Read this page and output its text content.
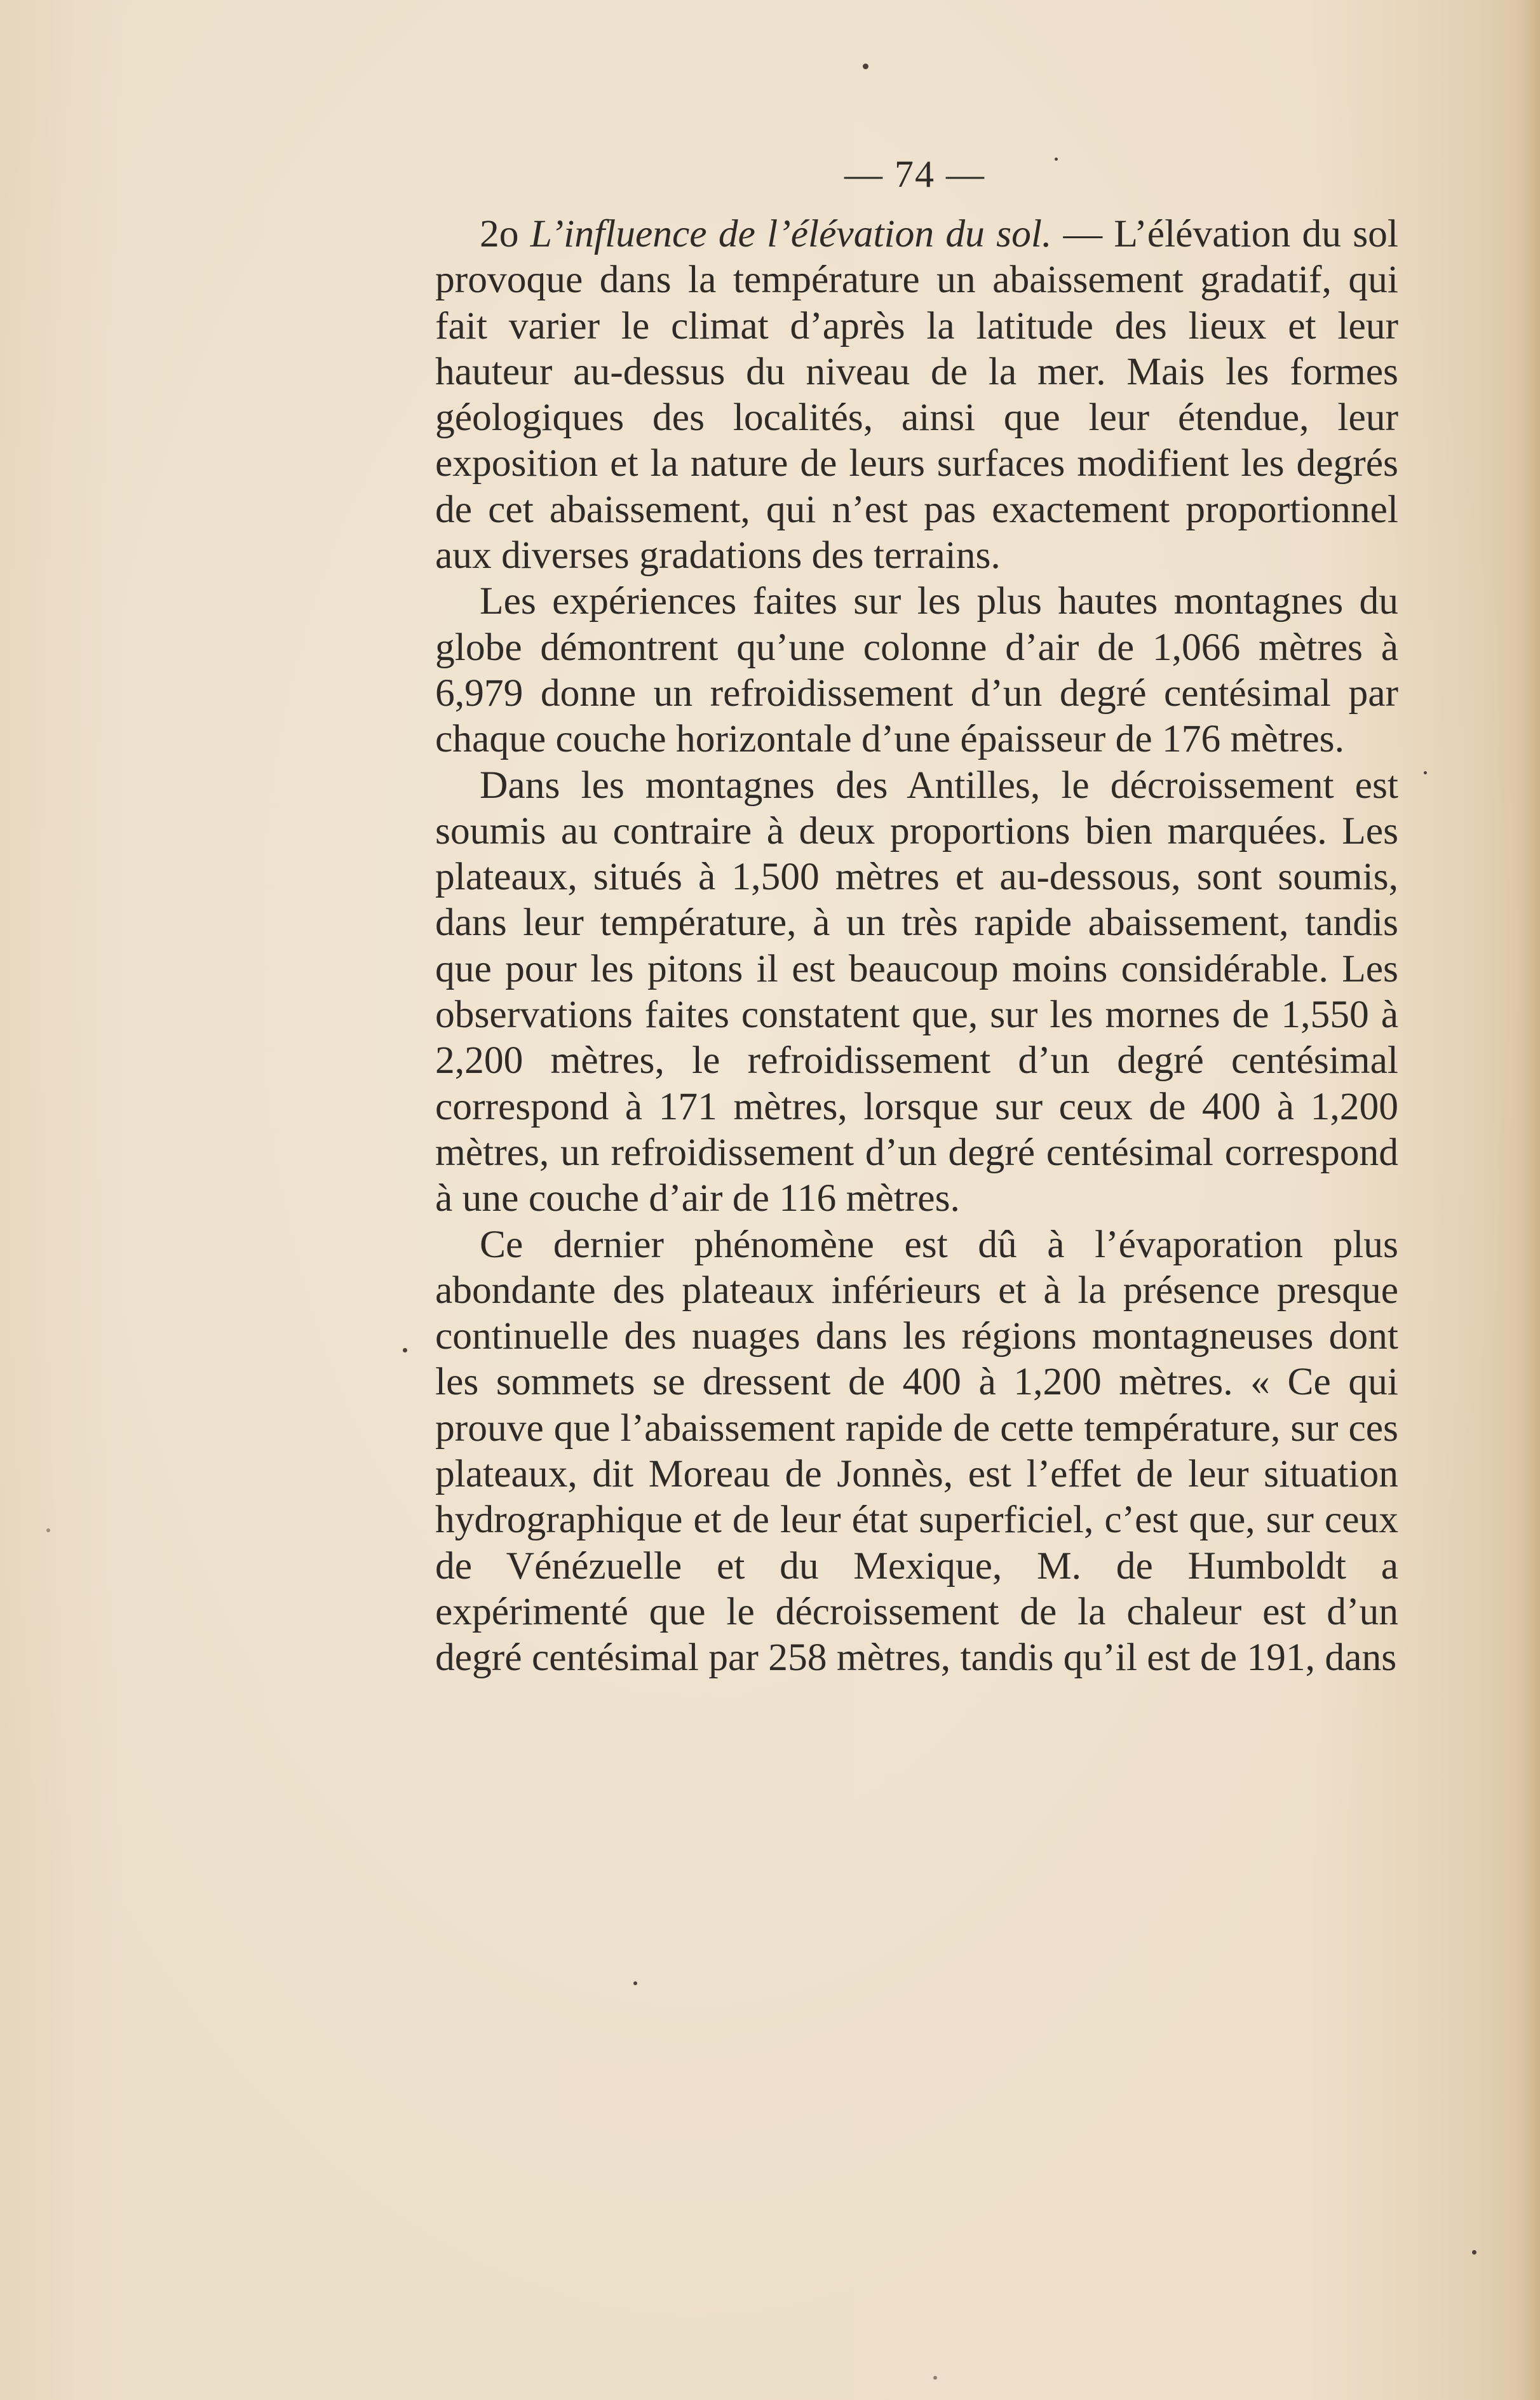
— 74 —

2o L’influence de l’élévation du sol. — L’élévation du sol provoque dans la température un abaissement gradatif, qui fait varier le climat d’après la latitude des lieux et leur hauteur au-dessus du niveau de la mer. Mais les formes géologiques des localités, ainsi que leur étendue, leur exposition et la nature de leurs surfaces modifient les degrés de cet abaissement, qui n’est pas exactement proportionnel aux diverses gradations des terrains.

Les expériences faites sur les plus hautes montagnes du globe démontrent qu’une colonne d’air de 1,066 mètres à 6,979 donne un refroidissement d’un degré centésimal par chaque couche horizontale d’une épaisseur de 176 mètres.

Dans les montagnes des Antilles, le décroissement est soumis au contraire à deux proportions bien marquées. Les plateaux, situés à 1,500 mètres et au-dessous, sont soumis, dans leur température, à un très rapide abaissement, tandis que pour les pitons il est beaucoup moins considérable. Les observations faites constatent que, sur les mornes de 1,550 à 2,200 mètres, le refroidissement d’un degré centésimal correspond à 171 mètres, lorsque sur ceux de 400 à 1,200 mètres, un refroidissement d’un degré centésimal correspond à une couche d’air de 116 mètres.

Ce dernier phénomène est dû à l’évaporation plus abondante des plateaux inférieurs et à la présence presque continuelle des nuages dans les régions montagneuses dont les sommets se dressent de 400 à 1,200 mètres. « Ce qui prouve que l’abaissement rapide de cette température, sur ces plateaux, dit Moreau de Jonnès, est l’effet de leur situation hydrographique et de leur état superficiel, c’est que, sur ceux de Vénézuelle et du Mexique, M. de Humboldt a expérimenté que le décroissement de la chaleur est d’un degré centésimal par 258 mètres, tandis qu’il est de 191, dans
